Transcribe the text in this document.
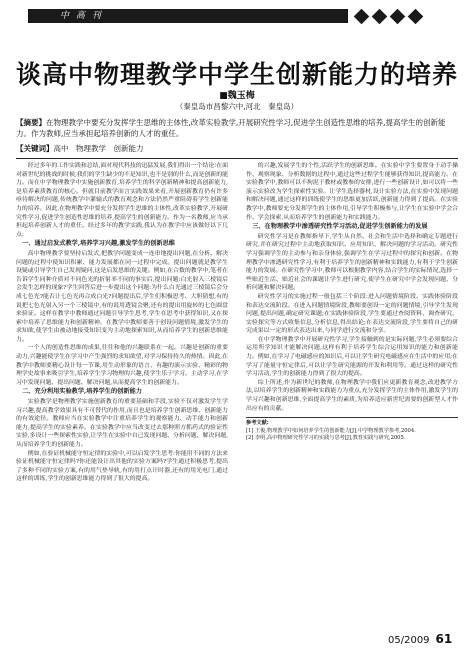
中 高 刊
谈高中物理教学中学生创新能力的培养
■魏玉梅
（秦皇岛市昌黎六中,河北　秦皇岛）
【摘要】在物理教学中要充分发挥学生思维的主体性,改革实验教学,开展研究性学习,促进学生创造性思维的培养,提高学生的创新能力。作为教师,应当承担起培养创新的人才的重任。
【关键词】高中　物理教学　创新能力

经过多年的工作实践和总结,面对现代科技的迅猛发展,我们得出一个结论:在面对新世纪的挑战的时候,我们的学生缺少的不是知识,也不是别的什么,而是创新的能力。而在中学物理教学中实施创新教育,培养学生的科学创新精神和提高创新能力,是培养素质教育的核心。但就目前教学而言实践效果来看,开展创新教育仍有许多亟待解决的问题,传统教学中灌输式的教育观念和方法仍然严重阻碍着学生创新能力的培养。因此,在物理教学中要充分发挥学生思维的主体性,改革实验教学,开展研究性学习,促进学生创造性思维的培养,提高学生的创新能力。作为一名教师,应当承担起培养创新人才的重任。经过多年的教学实践,我认为在教学中应该做好以下几点:

一、通过启发式教学,培养学习兴趣,激发学生的创新思维

高中物理教学要坚持启发式,把教学问题变成一连串地提出问题,在分析、解决问题的过程中使知识积累、能力发展都在同一过程中完成。提出问题就是教学生设疑或引导学生自己发现疑问,这是启发思维的关键。例如,在合数的教学中,笔者在告诉学生同种介质对不同色光的折射率不同的事实后,提出问题:白光射入三棱镜后会发生怎样的现象?学生回答后进一步提出这个问题:为什么白光通过三棱镜后会分成七色光?能否让七色光再合成白光?问题提出后,学生们积极思考、大胆猜想,有的说把七色光射入另一个三棱镜中,有的说用透镜会聚,还有的提出用旋转的七色圆盘来验证。这样在教学中教师通过问题引导学生思考,学生在思考中获得知识,又在探索中培养了思维能力和创新精神。在教学中教师要善于创设问题情境,激发学生的求知欲,使学生由被动地接受知识变为主动地探索知识,从而培养学生的创新思维能力。

一个人的创造性思维的成果,往往和他的兴趣联系在一起。兴趣是创新的重要动力,兴趣能使学生在学习中产生强烈的求知欲望,对学习保持持久的热情。因此,在教学中教师要精心设计每一节课,用生动形象的语言、有趣的演示实验、精彩的物理学史故事来吸引学生,培养学生学习物理的兴趣,使学生乐于学习、主动学习,在学习中发现问题、提出问题、解决问题,从而提高学生的创新能力。

二、充分利用实验教学,培养学生的创新能力

实验教学是物理教学实施创新教育的重要基础和手段,实验不仅对激发学生学习兴趣,提高教学效果具有不可替代的作用,而且也是培养学生创新思维、创新能力的有效途径。教师应当在实验教学中注重培养学生的观察能力、动手能力和创新能力,提高学生的实验素养。在实验教学中应当改变过去那种照方抓药式的验证性实验,多设计一些探索性实验,让学生在实验中自己发现问题、分析问题、解决问题,从而培养学生的创新能力。

例如,在验证机械能守恒定律的实验中,可以启发学生思考:你能用不同的方法来验证机械能守恒定律吗?你还能设计出其他的实验方案吗?学生通过积极思考,提出了多种不同的实验方案,有的用气垫导轨,有的用打点计时器,还有的用光电门,通过这样的训练,学生的创新思维能力得到了很大的提高。

的兴趣,发展学生的个性,活跃学生的创新思维。在实验中学生要置身于动手操作、观察现象、分析数据的过程中,通过这些过程学生能够获得知识,提高能力。在实验教学中,教师可以不拘泥于教材或教参的安排,进行一些创新设计,如可以将一些演示实验改为学生探索性实验。让学生选择器材,设计实验方法,在实验中发现问题和解决问题,通过这样的训练使学生的思维更加活跃,创新能力得到了提高。在实验教学中,教师要充分发挥学生的主体作用,引导学生积极参与,让学生在实验中学会合作、学会探索,从而培养学生的创新能力和实践能力。

三、在物理教学中渗透研究性学习活动,促进学生创新能力的发展

研究性学习是在教师指导下,学生从自然、社会和生活中选择和确定专题进行研究,并在研究过程中主动地获取知识、应用知识、解决问题的学习活动。研究性学习强调学生的主动参与和亲身体验,强调学生在学习过程中的探究和创新。在物理教学中渗透研究性学习,有利于培养学生的创新精神和实践能力,有利于学生创新能力的发展。在研究性学习中,教师可以根据教学内容,结合学生的实际情况,选择一些贴近生活、贴近社会的课题让学生进行研究,使学生在研究中学会发现问题、分析问题和解决问题。

研究性学习的实施过程一般包括三个阶段:进入问题情境阶段、实践体验阶段和表达交流阶段。在进入问题情境阶段,教师要创设一定的问题情境,引导学生发现问题,提出问题,确定研究课题;在实践体验阶段,学生要通过查阅资料、调查研究、实验探究等方式收集信息,分析信息,得出结论;在表达交流阶段,学生要将自己的研究成果以一定的形式表达出来,与同学进行交流和分享。

在中学物理教学中开展研究性学习,学生接触到的是实际问题,学生必须要综合运用所学知识才能解决问题,这样有利于培养学生综合运用知识的能力和创新能力。例如,在学习了电磁感应的知识后,可以让学生研究电磁感应在生活中的应用;在学习了能量守恒定律后,可以让学生研究能源的开发和利用等。通过这样的研究性学习活动,学生的创新能力得到了很大的提高。

综上所述,作为新世纪的教师,在物理教学中我们应更新教育观念,改进教学方法,以培养学生的创新精神和实践能力为重点,充分发挥学生的主体作用,激发学生的学习兴趣和创新思维,全面提高学生的素质,为培养适应新世纪需要的创新型人才作出应有的贡献。

参考文献:

[1] 王俊,物理教学中如何培养学生的创新能力[J],中学物理教学参考,2004.

[2] 李明,高中物理研究性学习的实践与思考[J],教育实践与研究,2005.

05/2009 61
